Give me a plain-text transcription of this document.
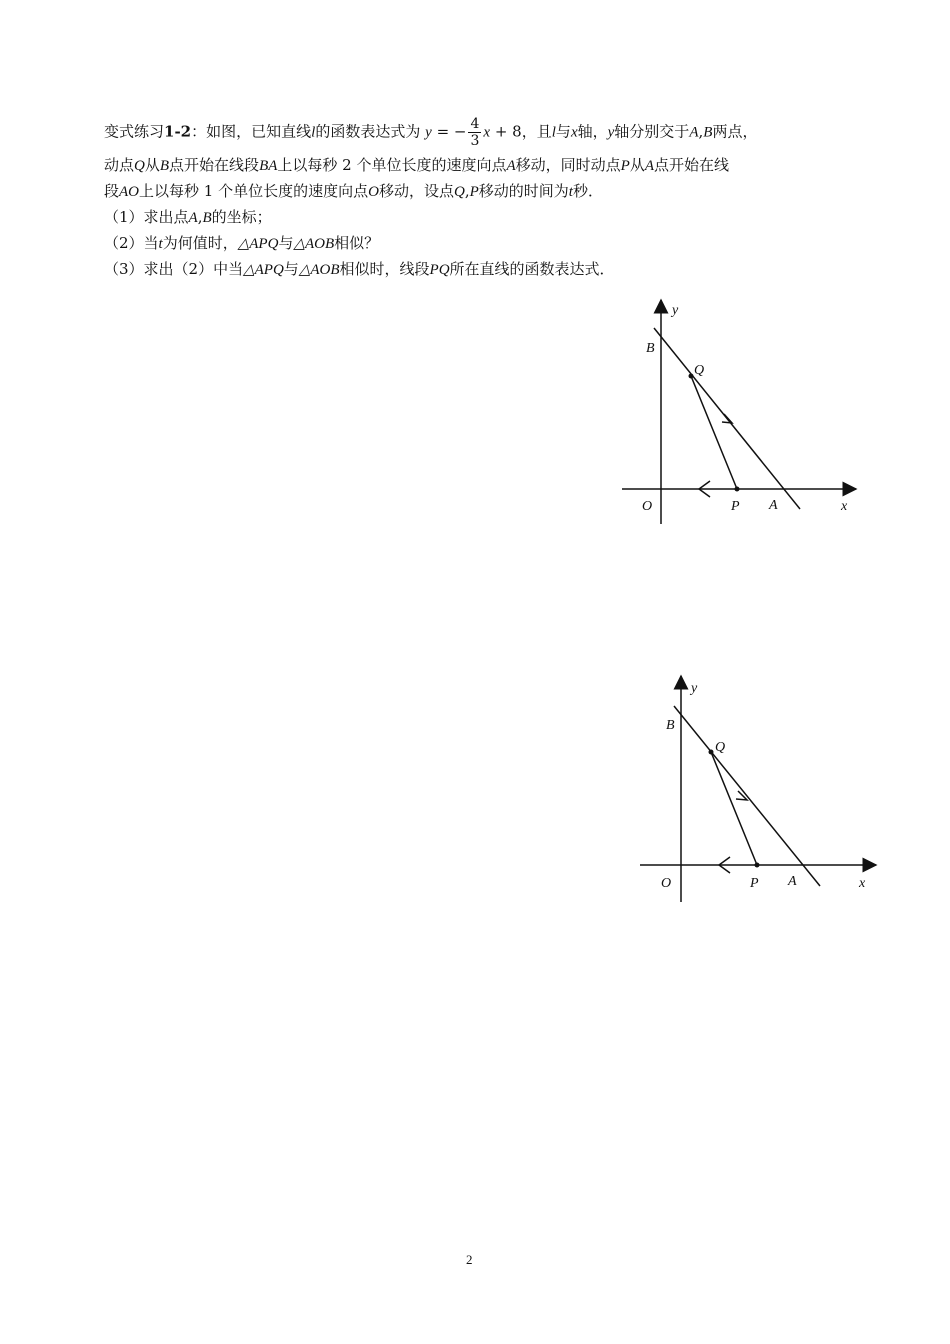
变式练习1-2：如图，已知直线l的函数表达式为 y = − $\frac{4}{3}$ x + 8，且l与x轴，y轴分别交于A,B两点，
动点Q从B点开始在线段BA上以每秒 2 个单位长度的速度向点A移动，同时动点P从A点开始在线
段AO上以每秒 1 个单位长度的速度向点O移动，设点Q,P移动的时间为t秒．
（1）求出点A,B的坐标；
（2）当t为何值时，△APQ与△AOB相似？
（3）求出（2）中当△APQ与△AOB相似时，线段PQ所在直线的函数表达式．
y
B
Q
O	P A	x
y
B
Q
O	P A	x
2
